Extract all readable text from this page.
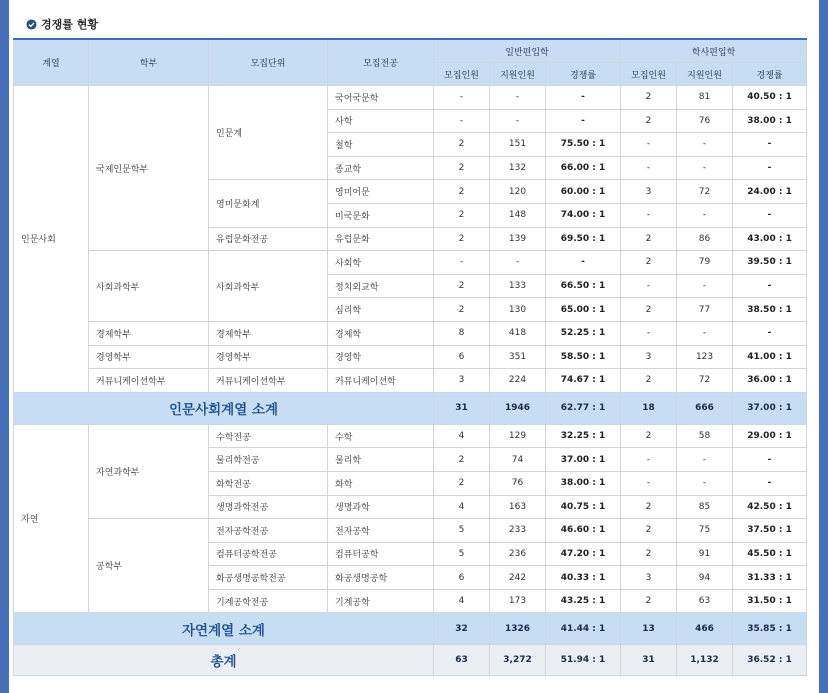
경쟁률 현황
계열	학부	모집단위	모집전공	일반편입학			학사편입학		
				모집인원	지원인원	경쟁률	모집인원	지원인원	경쟁률
인문사회	국제인문학부	인문계	국어국문학	-	-	-	2	81	40.50 : 1
			사학	-	-	-	2	76	38.00 : 1
			철학	2	151	75.50 : 1	-	-	-
			종교학	2	132	66.00 : 1	-	-	-
		영미문화계	영미어문	2	120	60.00 : 1	3	72	24.00 : 1
			미국문화	2	148	74.00 : 1	-	-	-
		유럽문화전공	유럽문화	2	139	69.50 : 1	2	86	43.00 : 1
	사회과학부	사회과학부	사회학	-	-	-	2	79	39.50 : 1
			정치외교학	2	133	66.50 : 1	-	-	-
			심리학	2	130	65.00 : 1	2	77	38.50 : 1
	경제학부	경제학부	경제학	8	418	52.25 : 1	-	-	-
	경영학부	경영학부	경영학	6	351	58.50 : 1	3	123	41.00 : 1
	커뮤니케이션학부	커뮤니케이션학부	커뮤니케이션학	3	224	74.67 : 1	2	72	36.00 : 1
인문사회계열 소계				31	1946	62.77 : 1	18	666	37.00 : 1
자연	자연과학부	수학전공	수학	4	129	32.25 : 1	2	58	29.00 : 1
		물리학전공	물리학	2	74	37.00 : 1	-	-	-
		화학전공	화학	2	76	38.00 : 1	-	-	-
		생명과학전공	생명과학	4	163	40.75 : 1	2	85	42.50 : 1
	공학부	전자공학전공	전자공학	5	233	46.60 : 1	2	75	37.50 : 1
		컴퓨터공학전공	컴퓨터공학	5	236	47.20 : 1	2	91	45.50 : 1
		화공생명공학전공	화공생명공학	6	242	40.33 : 1	3	94	31.33 : 1
		기계공학전공	기계공학	4	173	43.25 : 1	2	63	31.50 : 1
자연계열 소계				32	1326	41.44 : 1	13	466	35.85 : 1
총계				63	3,272	51.94 : 1	31	1,132	36.52 : 1
